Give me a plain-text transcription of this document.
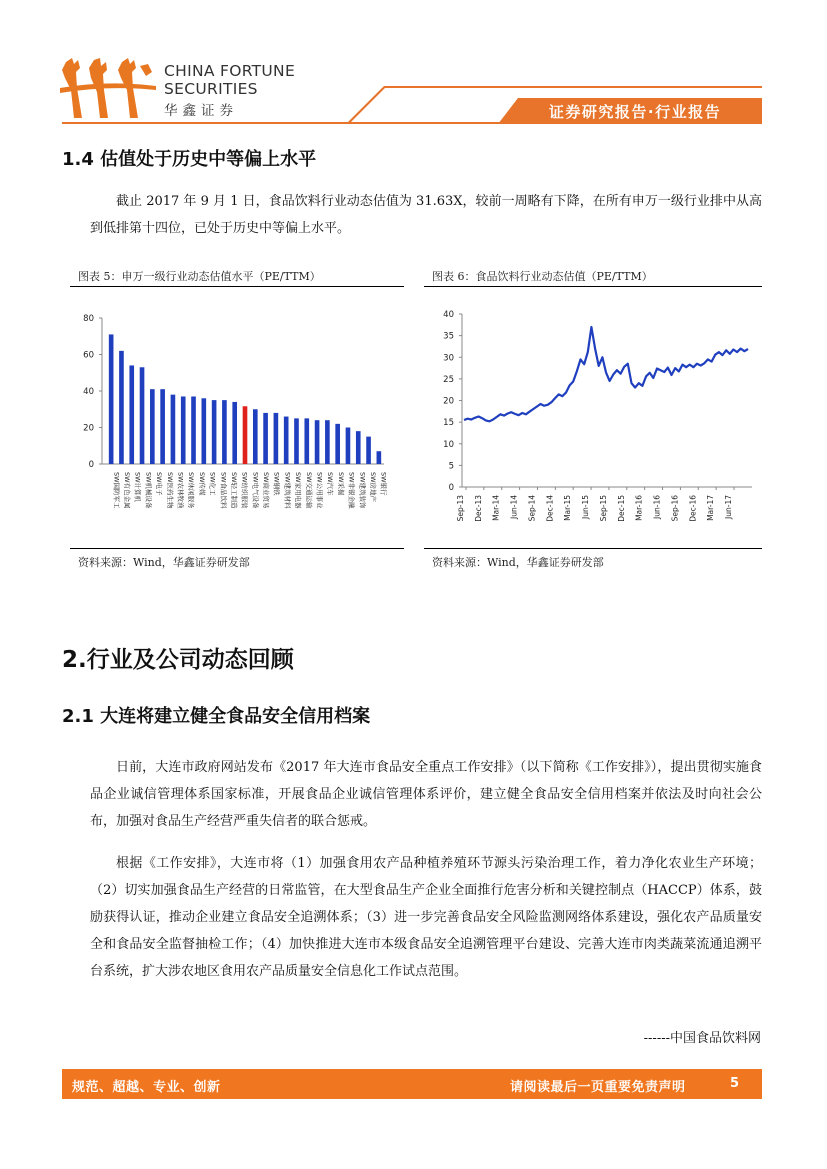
CHINA FORTUNE
SECURITIES
华鑫证券	证券研究报告·行业报告
1.4 估值处于历史中等偏上水平
截止 2017 年 9 月 1 日，食品饮料行业动态估值为 31.63X，较前一周略有下降，在所有申万一级行业排中从高到低排第十四位，已处于历史中等偏上水平。
图表 5：申万一级行业动态估值水平（PE/TTM）
0
20
40
60
80
SW国防军工 SW有色金属 SW计算机 SW机械设备 SW电子 SW医药生物 SW农林牧渔 SW休闲服务 SW传媒 SW化工 SW食品饮料 SW轻工制造 SW纺织服装 SW电气设备 SW商业贸易 SW钢铁 SW建筑材料 SW家用电器 SW交通运输 SW公用事业 SW汽车 SW采掘 SW非银金融 SW建筑装饰 SW房地产 SW银行
资料来源：Wind，华鑫证券研发部
图表 6：食品饮料行业动态估值（PE/TTM）
0
5
10
15
20
25
30
35
40
Sep-13 Dec-13 Mar-14 Jun-14 Sep-14 Dec-14 Mar-15 Jun-15 Sep-15 Dec-15 Mar-16 Jun-16 Sep-16 Dec-16 Mar-17 Jun-17
资料来源：Wind，华鑫证券研发部
2.行业及公司动态回顾
2.1 大连将建立健全食品安全信用档案
日前，大连市政府网站发布《2017 年大连市食品安全重点工作安排》（以下简称《工作安排》），提出贯彻实施食品企业诚信管理体系国家标准，开展食品企业诚信管理体系评价，建立健全食品安全信用档案并依法及时向社会公布，加强对食品生产经营严重失信者的联合惩戒。
根据《工作安排》，大连市将（1）加强食用农产品种植养殖环节源头污染治理工作，着力净化农业生产环境；（2）切实加强食品生产经营的日常监管，在大型食品生产企业全面推行危害分析和关键控制点（HACCP）体系，鼓励获得认证，推动企业建立食品安全追溯体系；（3）进一步完善食品安全风险监测网络体系建设，强化农产品质量安全和食品安全监督抽检工作；（4）加快推进大连市本级食品安全追溯管理平台建设、完善大连市肉类蔬菜流通追溯平台系统，扩大涉农地区食用农产品质量安全信息化工作试点范围。
------中国食品饮料网
规范、超越、专业、创新	请阅读最后一页重要免责声明	5
